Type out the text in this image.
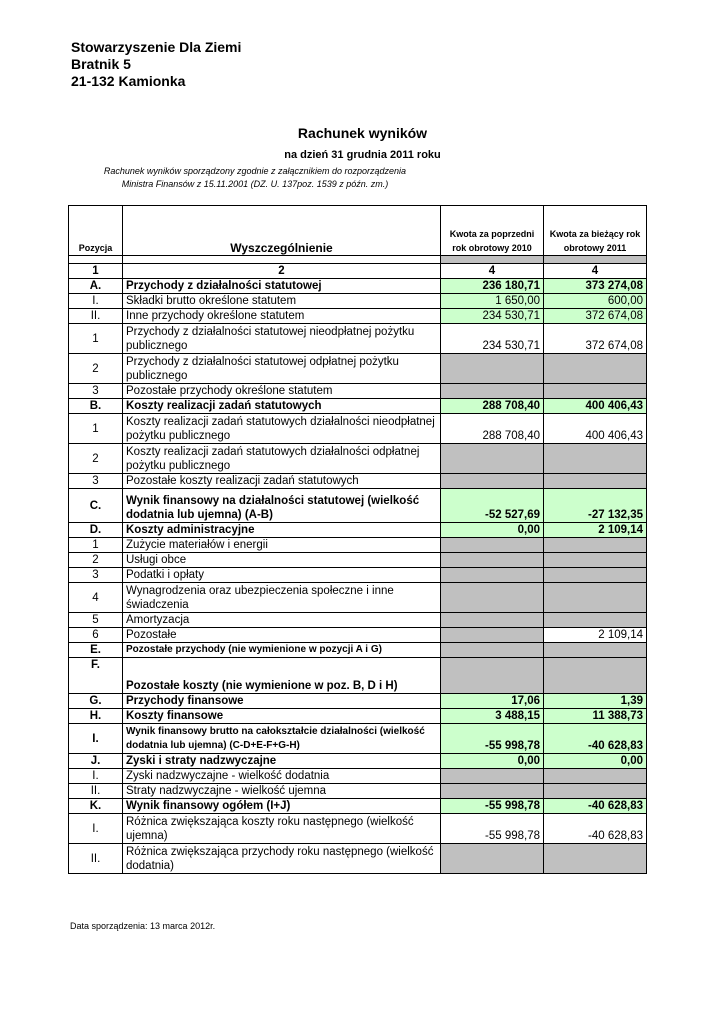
Stowarzyszenie Dla Ziemi
Bratnik 5
21-132 Kamionka
Rachunek wyników
na dzień 31 grudnia 2011 roku
Rachunek wyników sporządzony zgodnie z załącznikiem do rozporządzenia
Ministra Finansów z 15.11.2001 (DZ. U. 137poz. 1539 z późn. zm.)
Pozycja	Wyszczególnienie	Kwota za poprzedni rok obrotowy 2010	Kwota za bieżący rok obrotowy 2011

1	2	4	4
A.	Przychody z działalności statutowej	236 180,71	373 274,08
I.	Składki brutto określone statutem	1 650,00	600,00
II.	Inne przychody określone statutem	234 530,71	372 674,08
1	Przychody z działalności statutowej nieodpłatnej pożytku publicznego	234 530,71	372 674,08
2	Przychody z działalności statutowej odpłatnej pożytku publicznego		
3	Pozostałe przychody określone statutem		
B.	Koszty realizacji zadań statutowych	288 708,40	400 406,43
1	Koszty realizacji zadań statutowych działalności nieodpłatnej pożytku publicznego	288 708,40	400 406,43
2	Koszty realizacji zadań statutowych działalności odpłatnej pożytku publicznego		
3	Pozostałe koszty realizacji zadań statutowych		
C.	Wynik finansowy na działalności statutowej (wielkość dodatnia lub ujemna) (A-B)	-52 527,69	-27 132,35
D.	Koszty administracyjne	0,00	2 109,14
1	Zużycie materiałów i energii		
2	Usługi obce		
3	Podatki i opłaty		
4	Wynagrodzenia oraz ubezpieczenia społeczne i inne świadczenia		
5	Amortyzacja		
6	Pozostałe		2 109,14
E.	Pozostałe przychody (nie wymienione w pozycji A i G)		
F.	Pozostałe koszty (nie wymienione w poz. B, D i H)		
G.	Przychody finansowe	17,06	1,39
H.	Koszty finansowe	3 488,15	11 388,73
I.	Wynik finansowy brutto na całokształcie działalności (wielkość dodatnia lub ujemna) (C-D+E-F+G-H)	-55 998,78	-40 628,83
J.	Zyski i straty nadzwyczajne	0,00	0,00
I.	Zyski nadzwyczajne - wielkość dodatnia		
II.	Straty nadzwyczajne - wielkość ujemna		
K.	Wynik finansowy ogółem (I+J)	-55 998,78	-40 628,83
I.	Różnica zwiększająca koszty roku następnego (wielkość ujemna)	-55 998,78	-40 628,83
II.	Różnica zwiększająca przychody roku następnego (wielkość dodatnia)		
Data sporządzenia: 13 marca 2012r.
